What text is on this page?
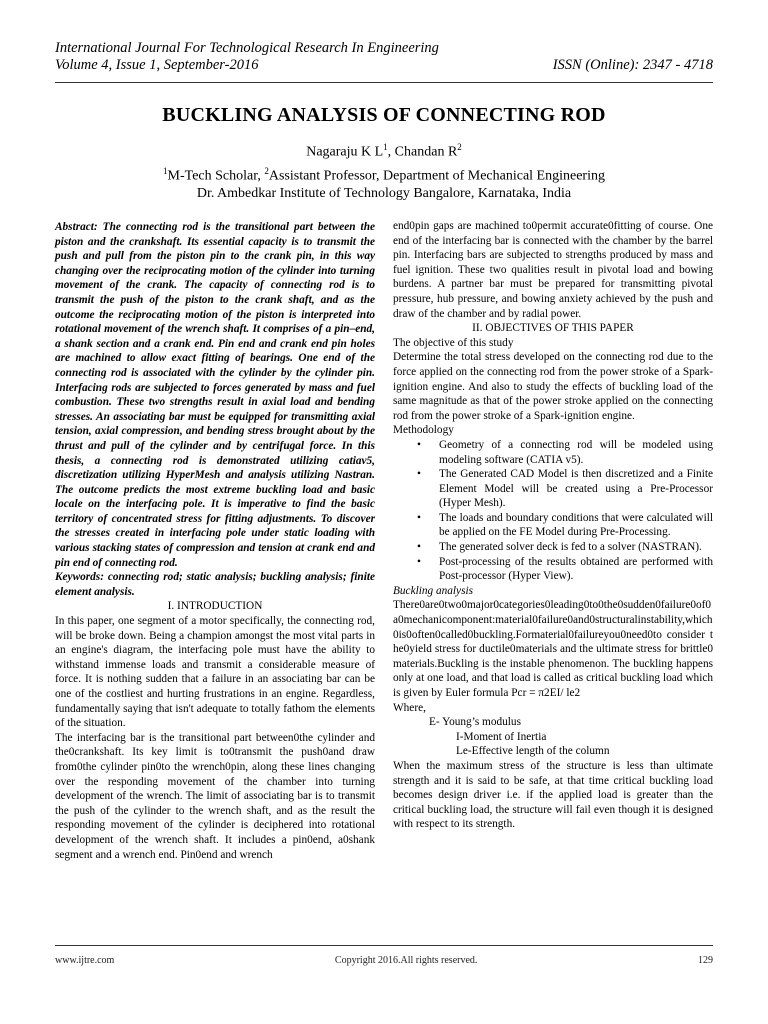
International Journal For Technological Research In Engineering
Volume 4, Issue 1, September-2016	ISSN (Online): 2347 - 4718
BUCKLING ANALYSIS OF CONNECTING ROD
Nagaraju K $L^1$, Chandan $R^2$
$^1$M-Tech Scholar, $^2$Assistant Professor, Department of Mechanical Engineering
Dr. Ambedkar Institute of Technology Bangalore, Karnataka, India

Abstract: The connecting rod is the transitional part between the piston and the crankshaft. Its essential capacity is to transmit the push and pull from the piston pin to the crank pin, in this way changing over the reciprocating motion of the cylinder into turning movement of the crank. The capacity of connecting rod is to transmit the push of the piston to the crank shaft, and as the outcome the reciprocating motion of the piston is interpreted into rotational movement of the wrench shaft. It comprises of a pin–end, a shank section and a crank end. Pin end and crank end pin holes are machined to allow exact fitting of bearings. One end of the connecting rod is associated with the cylinder by the cylinder pin. Interfacing rods are subjected to forces generated by mass and fuel combustion. These two strengths result in axial load and bending stresses. An associating bar must be equipped for transmitting axial tension, axial compression, and bending stress brought about by the thrust and pull of the cylinder and by centrifugal force. In this thesis, a connecting rod is demonstrated utilizing catiav5, discretization utilizing HyperMesh and analysis utilizing Nastran. The outcome predicts the most extreme buckling load and basic locale on the interfacing pole. It is imperative to find the basic territory of concentrated stress for fitting adjustments. To discover the stresses created in interfacing pole under static loading with various stacking states of compression and tension at crank end and pin end of connecting rod.

Keywords: connecting rod; static analysis; buckling analysis; finite element analysis.

I. INTRODUCTION

In this paper, one segment of a motor specifically, the connecting rod, will be broke down. Being a champion amongst the most vital parts in an engine's diagram, the interfacing pole must have the ability to withstand immense loads and transmit a considerable measure of force. It is nothing sudden that a failure in an associating bar can be one of the costliest and hurting frustrations in an engine. Regardless, fundamentally saying that isn't adequate to totally fathom the elements of the situation.

The interfacing bar is the transitional part between0the cylinder and the0crankshaft. Its key limit is to0transmit the push0and draw from0the cylinder pin0to the wrench0pin, along these lines changing over the responding movement of the chamber into turning development of the wrench. The limit of associating bar is to transmit the push of the cylinder to the wrench shaft, and as the result the responding movement of the cylinder is deciphered into rotational development of the wrench shaft. It includes a pin0end, a0shank segment and a wrench end. Pin0end and wrench

end0pin gaps are machined to0permit accurate0fitting of course. One end of the interfacing bar is connected with the chamber by the barrel pin. Interfacing bars are subjected to strengths produced by mass and fuel ignition. These two qualities result in pivotal load and bowing burdens. A partner bar must be prepared for transmitting pivotal pressure, hub pressure, and bowing anxiety achieved by the push and draw of the chamber and by radial power.

II. OBJECTIVES OF THIS PAPER

The objective of this study

Determine the total stress developed on the connecting rod due to the force applied on the connecting rod from the power stroke of a Spark-ignition engine. And also to study the effects of buckling load of the same magnitude as that of the power stroke applied on the connecting rod from the power stroke of a Spark-ignition engine.

Methodology

• Geometry of a connecting rod will be modeled using modeling software (CATIA v5).
• The Generated CAD Model is then discretized and a Finite Element Model will be created using a Pre-Processor (Hyper Mesh).
• The loads and boundary conditions that were calculated will be applied on the FE Model during Pre-Processing.
• The generated solver deck is fed to a solver (NASTRAN).
• Post-processing of the results obtained are performed with Post-processor (Hyper View).

Buckling analysis

There0are0two0major0categories0leading0to0the0sudden0failure0of0a0mechanicomponent:material0failure0and0structuralinstability,which0is0often0called0buckling.Formaterial0failureyou0need0to consider the0yield stress for ductile0materials and the ultimate stress for brittle0materials.Buckling is the instable phenomenon. The buckling happens only at one load, and that load is called as critical buckling load which is given by Euler formula Pcr = π2EI/ le2

Where,

E- Young’s modulus

I-Moment of Inertia

Le-Effective length of the column

When the maximum stress of the structure is less than ultimate strength and it is said to be safe, at that time critical buckling load becomes design driver i.e. if the applied load is greater than the critical buckling load, the structure will fail even though it is designed with respect to its strength.

www.ijtre.com	Copyright 2016.All rights reserved.	129
